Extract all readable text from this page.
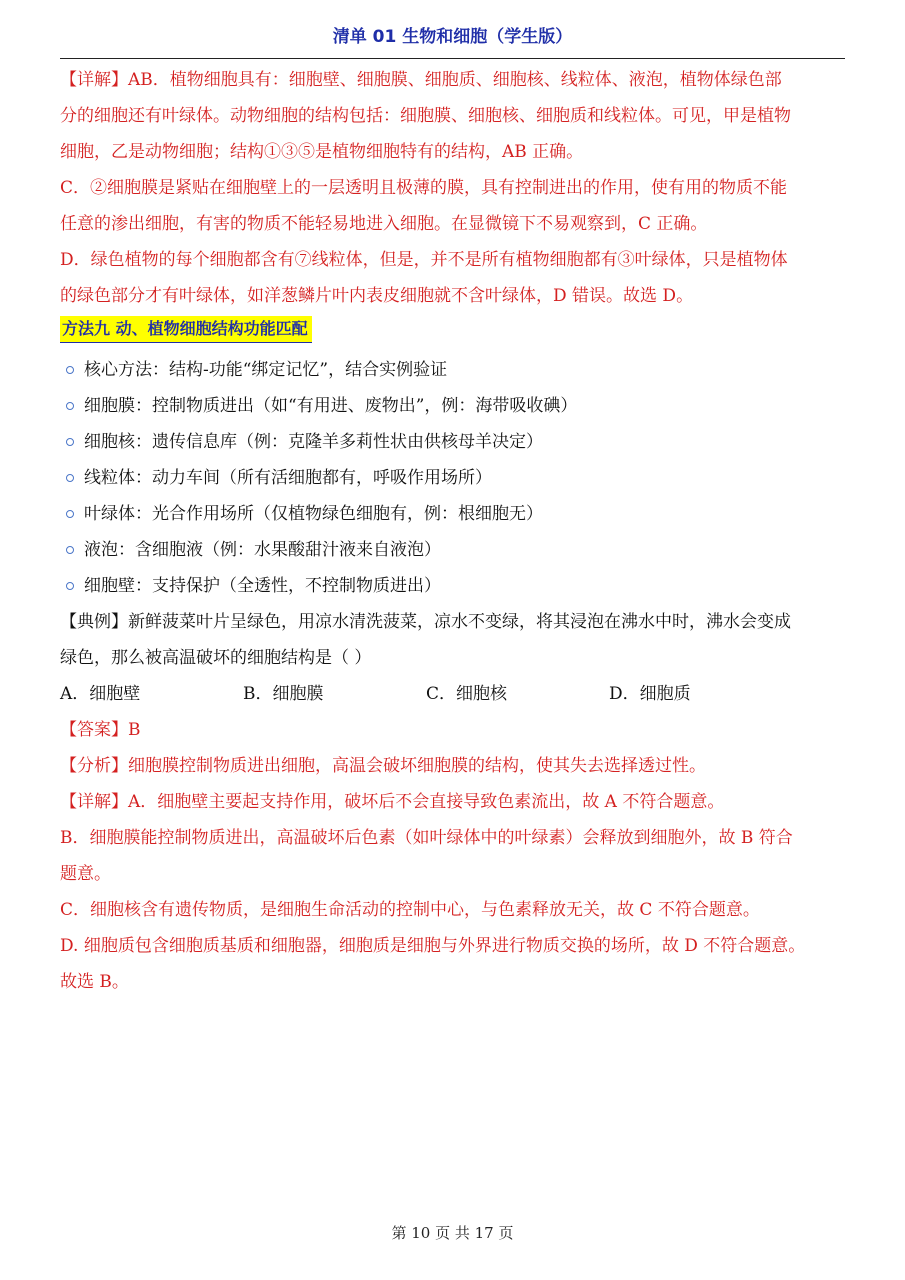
清单 01 生物和细胞（学生版）

【详解】AB．植物细胞具有：细胞壁、细胞膜、细胞质、细胞核、线粒体、液泡，植物体绿色部

分的细胞还有叶绿体。动物细胞的结构包括：细胞膜、细胞核、细胞质和线粒体。可见，甲是植物

细胞，乙是动物细胞；结构①③⑤是植物细胞特有的结构，AB 正确。

C．②细胞膜是紧贴在细胞壁上的一层透明且极薄的膜，具有控制进出的作用，使有用的物质不能

任意的渗出细胞，有害的物质不能轻易地进入细胞。在显微镜下不易观察到，C 正确。

D．绿色植物的每个细胞都含有⑦线粒体，但是，并不是所有植物细胞都有③叶绿体，只是植物体

的绿色部分才有叶绿体，如洋葱鳞片叶内表皮细胞就不含叶绿体，D 错误。故选 D。

方法九 动、植物细胞结构功能匹配
核心方法：结构-功能“绑定记忆”，结合实例验证
细胞膜：控制物质进出（如“有用进、废物出”，例：海带吸收碘）
细胞核：遗传信息库（例：克隆羊多莉性状由供核母羊决定）
线粒体：动力车间（所有活细胞都有，呼吸作用场所）
叶绿体：光合作用场所（仅植物绿色细胞有，例：根细胞无）
液泡：含细胞液（例：水果酸甜汁液来自液泡）
细胞壁：支持保护（全透性，不控制物质进出）

【典例】新鲜菠菜叶片呈绿色，用凉水清洗菠菜，凉水不变绿，将其浸泡在沸水中时，沸水会变成

绿色，那么被高温破坏的细胞结构是（ ）

A．细胞壁	B．细胞膜	C．细胞核	D．细胞质

【答案】B

【分析】细胞膜控制物质进出细胞，高温会破坏细胞膜的结构，使其失去选择透过性。

【详解】A．细胞壁主要起支持作用，破坏后不会直接导致色素流出，故 A 不符合题意。

B．细胞膜能控制物质进出，高温破坏后色素（如叶绿体中的叶绿素）会释放到细胞外，故 B 符合

题意。

C．细胞核含有遗传物质，是细胞生命活动的控制中心，与色素释放无关，故 C 不符合题意。

D. 细胞质包含细胞质基质和细胞器，细胞质是细胞与外界进行物质交换的场所，故 D 不符合题意。

故选 B。

第 10 页 共 17 页
